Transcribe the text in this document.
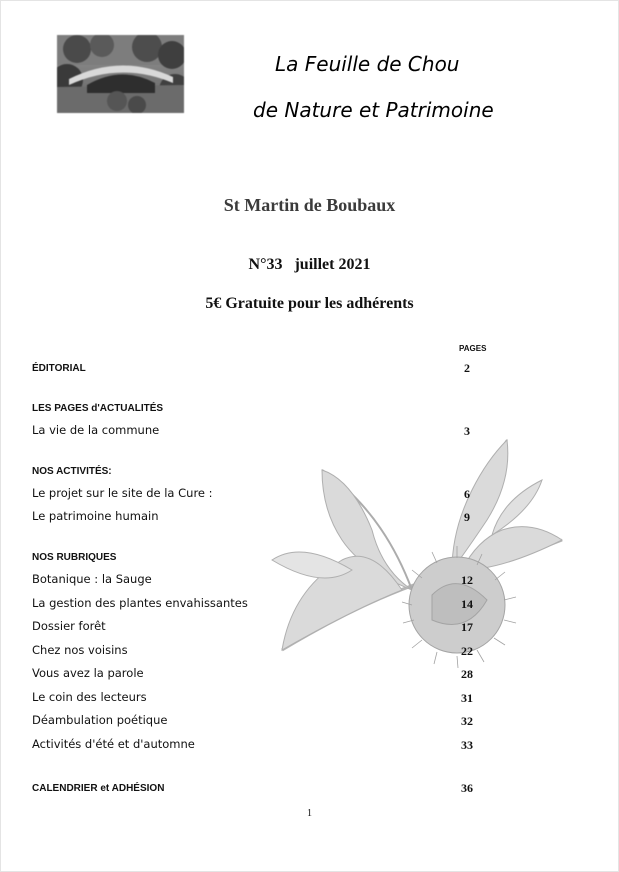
La Feuille de Chou
de Nature et Patrimoine
St Martin de Boubaux
N°33 juillet 2021
5€ Gratuite pour les adhérents
PAGES
ÉDITORIAL	2
LES PAGES d'ACTUALITÉS
La vie de la commune	3
NOS ACTIVITÉS:
Le projet sur le site de la Cure :	6
Le patrimoine humain	9
NOS RUBRIQUES
Botanique : la Sauge	12
La gestion des plantes envahissantes	14
Dossier forêt	17
Chez nos voisins	22
Vous avez la parole	28
Le coin des lecteurs	31
Déambulation poétique	32
Activités d'été et d'automne	33
CALENDRIER et ADHÉSION	36
1
